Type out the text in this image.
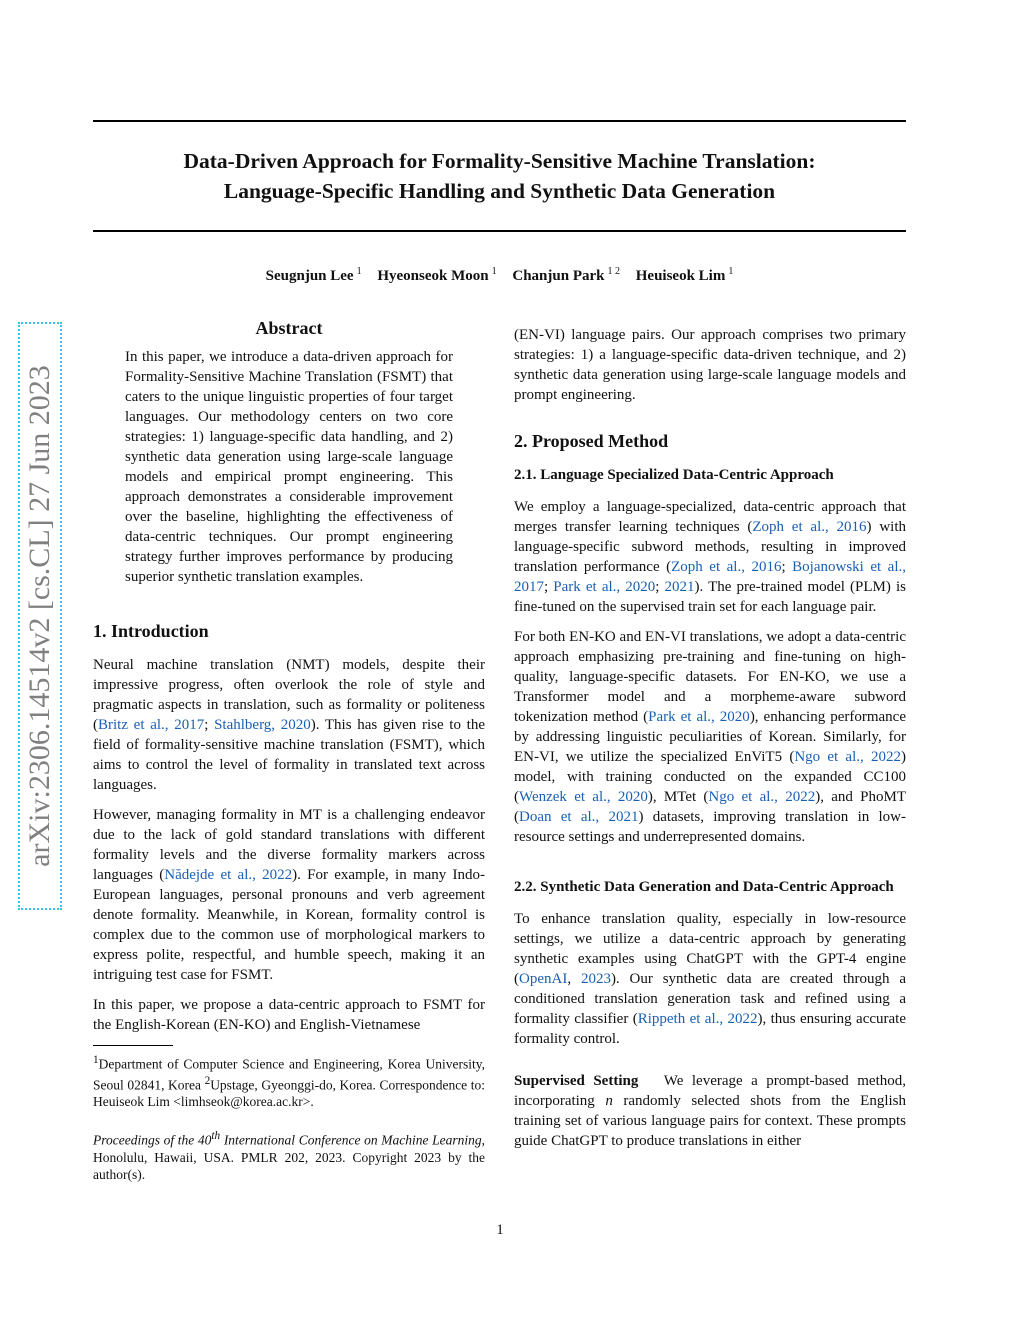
Data-Driven Approach for Formality-Sensitive Machine Translation:
Language-Specific Handling and Synthetic Data Generation
Seugnjun Lee  $^1$ Hyeonseok Moon  $^1$ Chanjun Park  $^{1 2}$ Heuiseok Lim  $^1$
arXiv:2306.14514v2 [cs.CL] 27 Jun 2023
Abstract

In this paper, we introduce a data-driven approach for Formality-Sensitive Machine Translation (FSMT) that caters to the unique linguistic properties of four target languages. Our methodology centers on two core strategies: 1) language-specific data handling, and 2) synthetic data generation using large-scale language models and empirical prompt engineering. This approach demonstrates a considerable improvement over the baseline, highlighting the effectiveness of data-centric techniques. Our prompt engineering strategy further improves performance by producing superior synthetic translation examples.

1. Introduction

Neural machine translation (NMT) models, despite their impressive progress, often overlook the role of style and pragmatic aspects in translation, such as formality or politeness (Britz et al., 2017; Stahlberg, 2020). This has given rise to the field of formality-sensitive machine translation (FSMT), which aims to control the level of formality in translated text across languages.

However, managing formality in MT is a challenging endeavor due to the lack of gold standard translations with different formality levels and the diverse formality markers across languages (Nădejde et al., 2022). For example, in many Indo-European languages, personal pronouns and verb agreement denote formality. Meanwhile, in Korean, formality control is complex due to the common use of morphological markers to express polite, respectful, and humble speech, making it an intriguing test case for FSMT.

In this paper, we propose a data-centric approach to FSMT for the English-Korean (EN-KO) and English-Vietnamese

$^1$Department of Computer Science and Engineering, Korea University, Seoul 02841, Korea $^2$Upstage, Gyeonggi-do, Korea. Correspondence to: Heuiseok Lim <limhseok@korea.ac.kr>.
Proceedings of the 40th International Conference on Machine Learning, Honolulu, Hawaii, USA. PMLR 202, 2023. Copyright 2023 by the author(s).

(EN-VI) language pairs. Our approach comprises two primary strategies: 1) a language-specific data-driven technique, and 2) synthetic data generation using large-scale language models and prompt engineering.

2. Proposed Method
2.1. Language Specialized Data-Centric Approach

We employ a language-specialized, data-centric approach that merges transfer learning techniques (Zoph et al., 2016) with language-specific subword methods, resulting in improved translation performance (Zoph et al., 2016; Bojanowski et al., 2017; Park et al., 2020; 2021). The pre-trained model (PLM) is fine-tuned on the supervised train set for each language pair.

For both EN-KO and EN-VI translations, we adopt a data-centric approach emphasizing pre-training and fine-tuning on high-quality, language-specific datasets. For EN-KO, we use a Transformer model and a morpheme-aware subword tokenization method (Park et al., 2020), enhancing performance by addressing linguistic peculiarities of Korean. Similarly, for EN-VI, we utilize the specialized EnViT5 (Ngo et al., 2022) model, with training conducted on the expanded CC100 (Wenzek et al., 2020), MTet (Ngo et al., 2022), and PhoMT (Doan et al., 2021) datasets, improving translation in low-resource settings and underrepresented domains.

2.2. Synthetic Data Generation and Data-Centric Approach

To enhance translation quality, especially in low-resource settings, we utilize a data-centric approach by generating synthetic examples using ChatGPT with the GPT-4 engine (OpenAI, 2023). Our synthetic data are created through a conditioned translation generation task and refined using a formality classifier (Rippeth et al., 2022), thus ensuring accurate formality control.

Supervised Setting We leverage a prompt-based method, incorporating n randomly selected shots from the English training set of various language pairs for context. These prompts guide ChatGPT to produce translations in either

1
